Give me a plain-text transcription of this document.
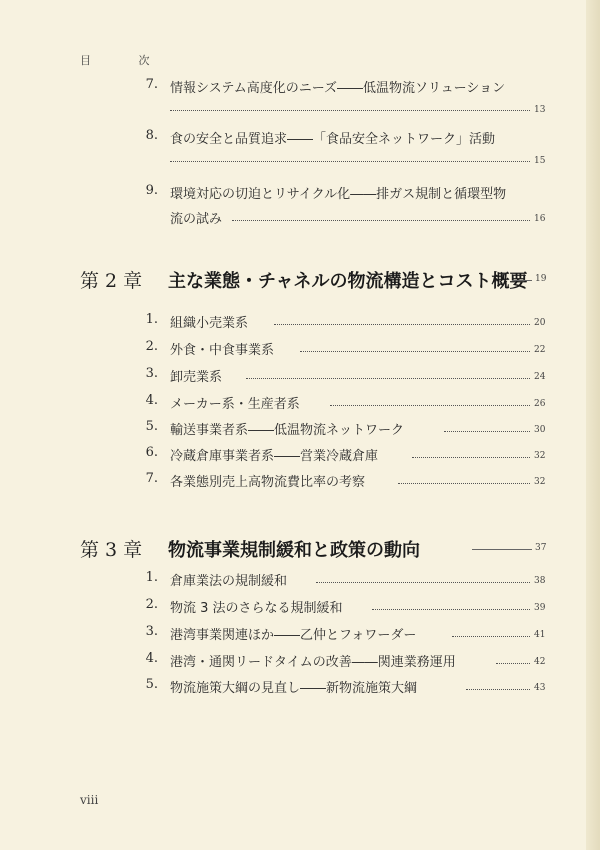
目 次
7. 情報システム高度化のニーズ――低温物流ソリューション
13
8. 食の安全と品質追求――「食品安全ネットワーク」活動
15
9. 環境対応の切迫とリサイクル化――排ガス規制と循環型物
流の試み	16
第 2 章 主な業態・チャネルの物流構造とコスト概要 19
1. 組織小売業系	20
2. 外食・中食事業系	22
3. 卸売業系	24
4. メーカー系・生産者系	26
5. 輸送事業者系――低温物流ネットワーク	30
6. 冷蔵倉庫事業者系――営業冷蔵倉庫	32
7. 各業態別売上高物流費比率の考察	32
第 3 章 物流事業規制緩和と政策の動向	37
1. 倉庫業法の規制緩和	38
2. 物流 3 法のさらなる規制緩和	39
3. 港湾事業関連ほか――乙仲とフォワーダー	41
4. 港湾・通関リードタイムの改善――関連業務運用	42
5. 物流施策大綱の見直し――新物流施策大綱	43
viii
